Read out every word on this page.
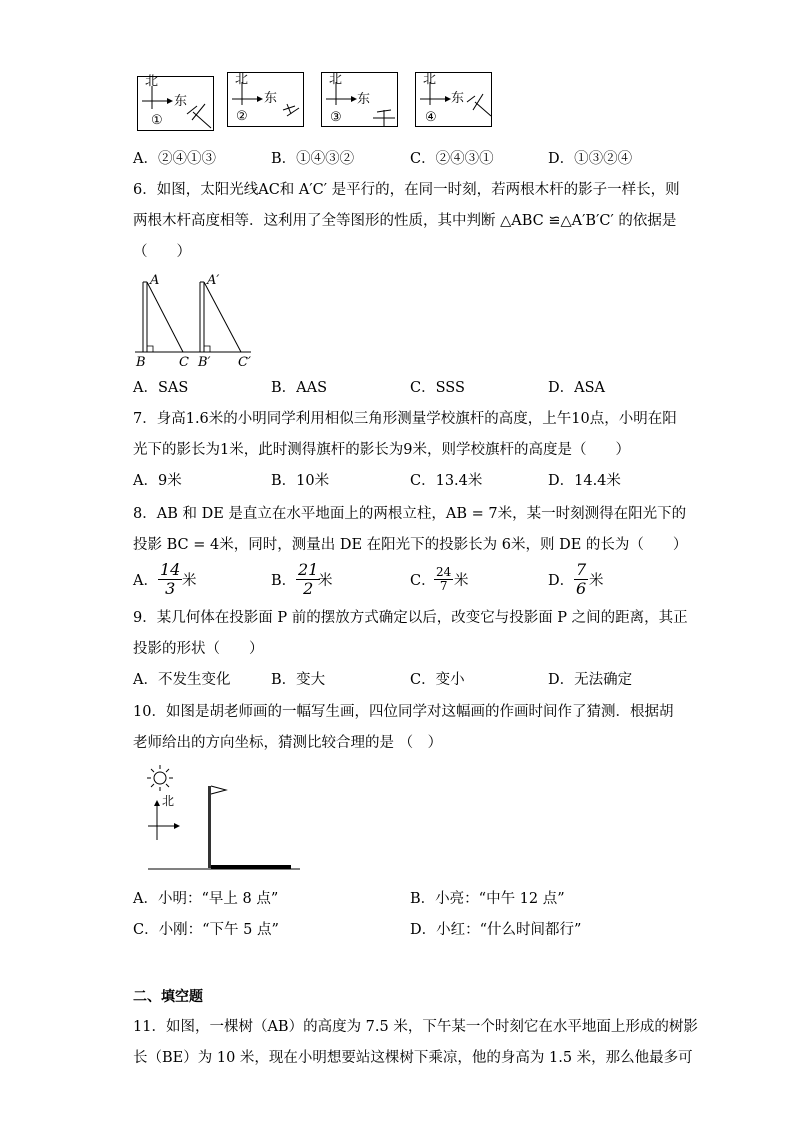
北
东
①
北
东
②
北
东
③
北
东
④
A．②④①③	B．①④③②	C．②④③①	D．①③②④
6．如图，太阳光线AC和 A′C′ 是平行的，在同一时刻，若两根木杆的影子一样长，则
两根木杆高度相等．这利用了全等图形的性质，其中判断 △ABC ≌△A′B′C′ 的依据是
（　　）
A	A′
B	C B′ C′
A．SAS	B．AAS	C．SSS	D．ASA
7．身高1.6米的小明同学利用相似三角形测量学校旗杆的高度，上午10点，小明在阳
光下的影长为1米，此时测得旗杆的影长为9米，则学校旗杆的高度是（　　）
A．9米	B．10米	C．13.4米	D．14.4米
8．AB 和 DE 是直立在水平地面上的两根立柱，AB = 7米，某一时刻测得在阳光下的
投影 BC = 4米，同时，测量出 DE 在阳光下的投影长为 6米，则 DE 的长为（　　）
A． $\frac{14}{3}$ 米	B． $\frac{21}{2}$
米	C．
$\frac{24}{7}$ 米	D． $\frac{7}{6}$ 米
9．某几何体在投影面 P 前的摆放方式确定以后，改变它与投影面 P 之间的距离，其正
投影的形状（　　）
A．不发生变化	B．变大	C．变小	D．无法确定
10．如图是胡老师画的一幅写生画，四位同学对这幅画的作画时间作了猜测．根据胡
老师给出的方向坐标，猜测比较合理的是 （　）
北
A．小明：“早上 8 点”	B．小亮：“中午 12 点”
C．小刚：“下午 5 点”	D．小红：“什么时间都行”
二、填空题
11．如图，一棵树（AB）的高度为 7.5 米，下午某一个时刻它在水平地面上形成的树影
长（BE）为 10 米，现在小明想要站这棵树下乘凉，他的身高为 1.5 米，那么他最多可
